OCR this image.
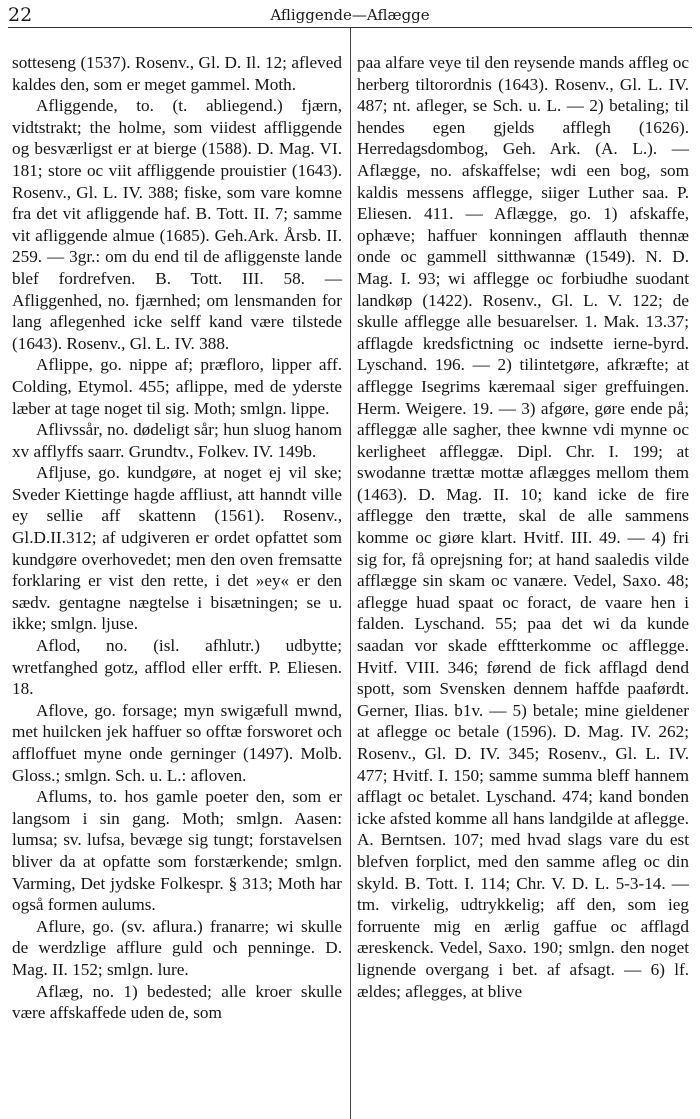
22	Afliggende—Aflægge

sotteseng (1537). Rosenv., Gl. D. Il. 12; afleved kaldes den, som er meget gammel. Moth.

Afliggende, to. (t. abliegend.) fjærn, vidtstrakt; the holme, som viidest affliggende og besværligst er at bierge (1588). D. Mag. VI. 181; store oc viit affliggende prouistier (1643). Rosenv., Gl. L. IV. 388; fiske, som vare komne fra det vit afliggende haf. B. Tott. II. 7; samme vit afliggende almue (1685). Geh.Ark. Årsb. II. 259. — 3gr.: om du end til de afliggenste lande blef fordrefven. B. Tott. III. 58. — Afliggenhed, no. fjærnhed; om lensmanden for lang aflegenhed icke selff kand være tilstede (1643). Rosenv., Gl. L. IV. 388.

Aflippe, go. nippe af; præfloro, lipper aff. Colding, Etymol. 455; aflippe, med de yderste læber at tage noget til sig. Moth; smlgn. lippe.

Aflivssår, no. dødeligt sår; hun sluog hanom xv afflyffs saarr. Grundtv., Folkev. IV. 149b.

Afljuse, go. kundgøre, at noget ej vil ske; Sveder Kiettinge hagde affliust, att hanndt ville ey sellie aff skattenn (1561). Rosenv., Gl.D.II.312; af udgiveren er ordet opfattet som kundgøre overhovedet; men den oven fremsatte forklaring er vist den rette, i det »ey« er den sædv. gentagne nægtelse i bisætningen; se u. ikke; smlgn. ljuse.

Aflod, no. (isl. afhlutr.) udbytte; wretfanghed gotz, afflod eller erfft. P. Eliesen. 18.

Aflove, go. forsage; myn swigæfull mwnd, met huilcken jek haffuer so offtæ forsworet och affloffuet myne onde gerninger (1497). Molb. Gloss.; smlgn. Sch. u. L.: afloven.

Aflums, to. hos gamle poeter den, som er langsom i sin gang. Moth; smlgn. Aasen: lumsa; sv. lufsa, bevæge sig tungt; forstavelsen bliver da at opfatte som forstærkende; smlgn. Varming, Det jydske Folkespr. § 313; Moth har også formen aulums.

Aflure, go. (sv. aflura.) franarre; wi skulle de werdzlige afflure guld och penninge. D. Mag. II. 152; smlgn. lure.

Aflæg, no. 1) bedested; alle kroer skulle være affskaffede uden de, som

paa alfare veye til den reysende mands affleg oc herberg tiltorordnis (1643). Rosenv., Gl. L. IV. 487; nt. afleger, se Sch. u. L. — 2) betaling; til hendes egen gjelds afflegh (1626). Herredagsdombog, Geh. Ark. (A. L.). — Aflægge, no. afskaffelse; wdi een bog, som kaldis messens afflegge, siiger Luther saa. P. Eliesen. 411. — Aflægge, go. 1) afskaffe, ophæve; haffuer konningen afflauth thennæ onde oc gammell sitthwannæ (1549). N. D. Mag. I. 93; wi afflegge oc forbiudhe suodant landkøp (1422). Rosenv., Gl. L. V. 122; de skulle afflegge alle besuarelser. 1. Mak. 13.37; afflagde kredsfictning oc indsette ierne-byrd. Lyschand. 196. — 2) tilintetgøre, afkræfte; at afflegge Isegrims kæremaal siger greffuingen. Herm. Weigere. 19. — 3) afgøre, gøre ende på; affleggæ alle sagher, thee kwnne vdi mynne oc kerligheet affleggæ. Dipl. Chr. I. 199; at swodanne trættæ mottæ aflægges mellom them (1463). D. Mag. II. 10; kand icke de fire afflegge den trætte, skal de alle sammens komme oc giøre klart. Hvitf. III. 49. — 4) fri sig for, få oprejsning for; at hand saaledis vilde afflægge sin skam oc vanære. Vedel, Saxo. 48; aflegge huad spaat oc foract, de vaare hen i falden. Lyschand. 55; paa det wi da kunde saadan vor skade efftterkomme oc afflegge. Hvitf. VIII. 346; førend de fick afflagd dend spott, som Svensken dennem haffde paaførdt. Gerner, Ilias. b1v. — 5) betale; mine gieldener at aflegge oc betale (1596). D. Mag. IV. 262; Rosenv., Gl. D. IV. 345; Rosenv., Gl. L. IV. 477; Hvitf. I. 150; samme summa bleff hannem afflagt oc betalet. Lyschand. 474; kand bonden icke afsted komme all hans landgilde at aflegge. A. Berntsen. 107; med hvad slags vare du est blefven forplict, med den samme afleg oc din skyld. B. Tott. I. 114; Chr. V. D. L. 5-3-14. — tm. virkelig, udtrykkelig; aff den, som ieg forruente mig en ærlig gaffue oc afflagd æreskenck. Vedel, Saxo. 190; smlgn. den noget lignende overgang i bet. af afsagt. — 6) lf. ældes; aflegges, at blive
